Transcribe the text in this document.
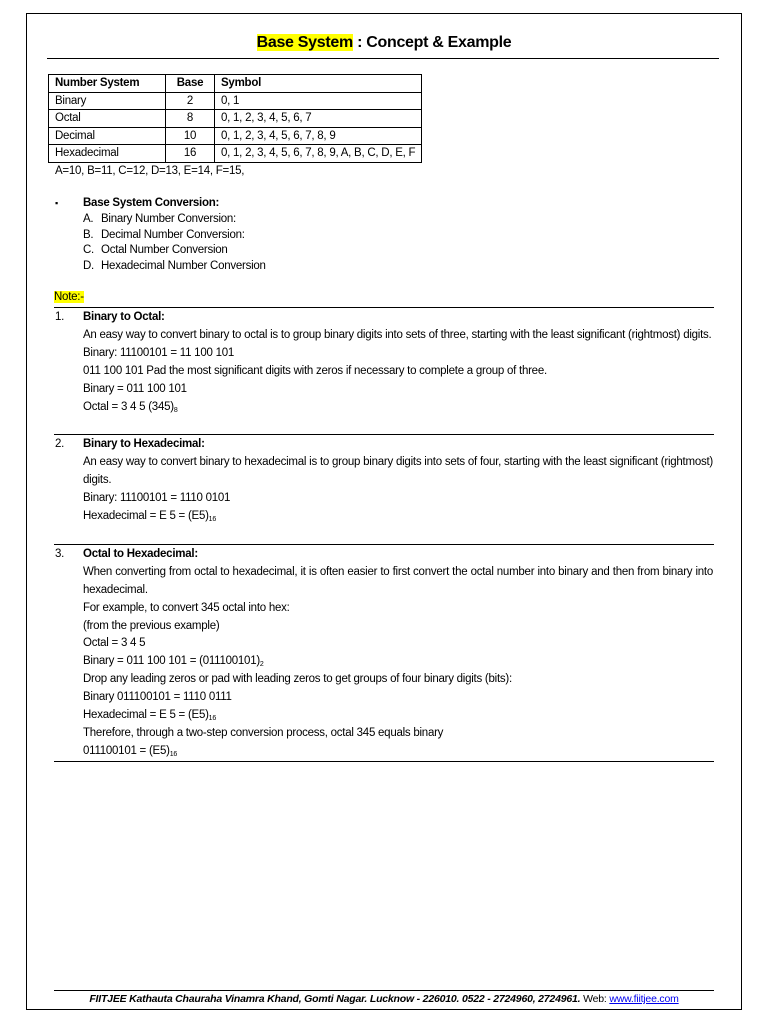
Base System : Concept & Example
Number System	Base	Symbol
Binary	2	0, 1
Octal	8	0, 1, 2, 3, 4, 5, 6, 7
Decimal	10	0, 1, 2, 3, 4, 5, 6, 7, 8, 9
Hexadecimal	16	0, 1, 2, 3, 4, 5, 6, 7, 8, 9, A, B, C, D, E, F
A=10, B=11, C=12, D=13, E=14, F=15,
▪ Base System Conversion:
A. Binary Number Conversion:
B. Decimal Number Conversion:
C. Octal Number Conversion
D. Hexadecimal Number Conversion
Note:-
1. Binary to Octal:
An easy way to convert binary to octal is to group binary digits into sets of three, starting with the least significant (rightmost) digits.
Binary: 11100101 = 11 100 101
011 100 101 Pad the most significant digits with zeros if necessary to complete a group of three.
Binary = 011 100 101
Octal = 3 4 5 $(345)_8$
2. Binary to Hexadecimal:
An easy way to convert binary to hexadecimal is to group binary digits into sets of four, starting with the least significant (rightmost) digits.
Binary: 11100101 = 1110 0101
Hexadecimal = E $5 = (E5)_{16}$
3. Octal to Hexadecimal:
When converting from octal to hexadecimal, it is often easier to first convert the octal number into binary and then from binary into hexadecimal.
For example, to convert 345 octal into hex:
(from the previous example)
Octal = 3 4 5
Binary = 011 100 $101 = (011100101)_2$
Drop any leading zeros or pad with leading zeros to get groups of four binary digits (bits):
Binary 011100101 = 1110 0111
Hexadecimal = E $5 = (E5)_{16}$
Therefore, through a two-step conversion process, octal 345 equals binary
$011100101 = (E5)_{16}$
FIITJEE Kathauta Chauraha Vinamra Khand, Gomti Nagar. Lucknow - 226010. 0522 - 2724960, 2724961. Web: www.fiitjee.com
